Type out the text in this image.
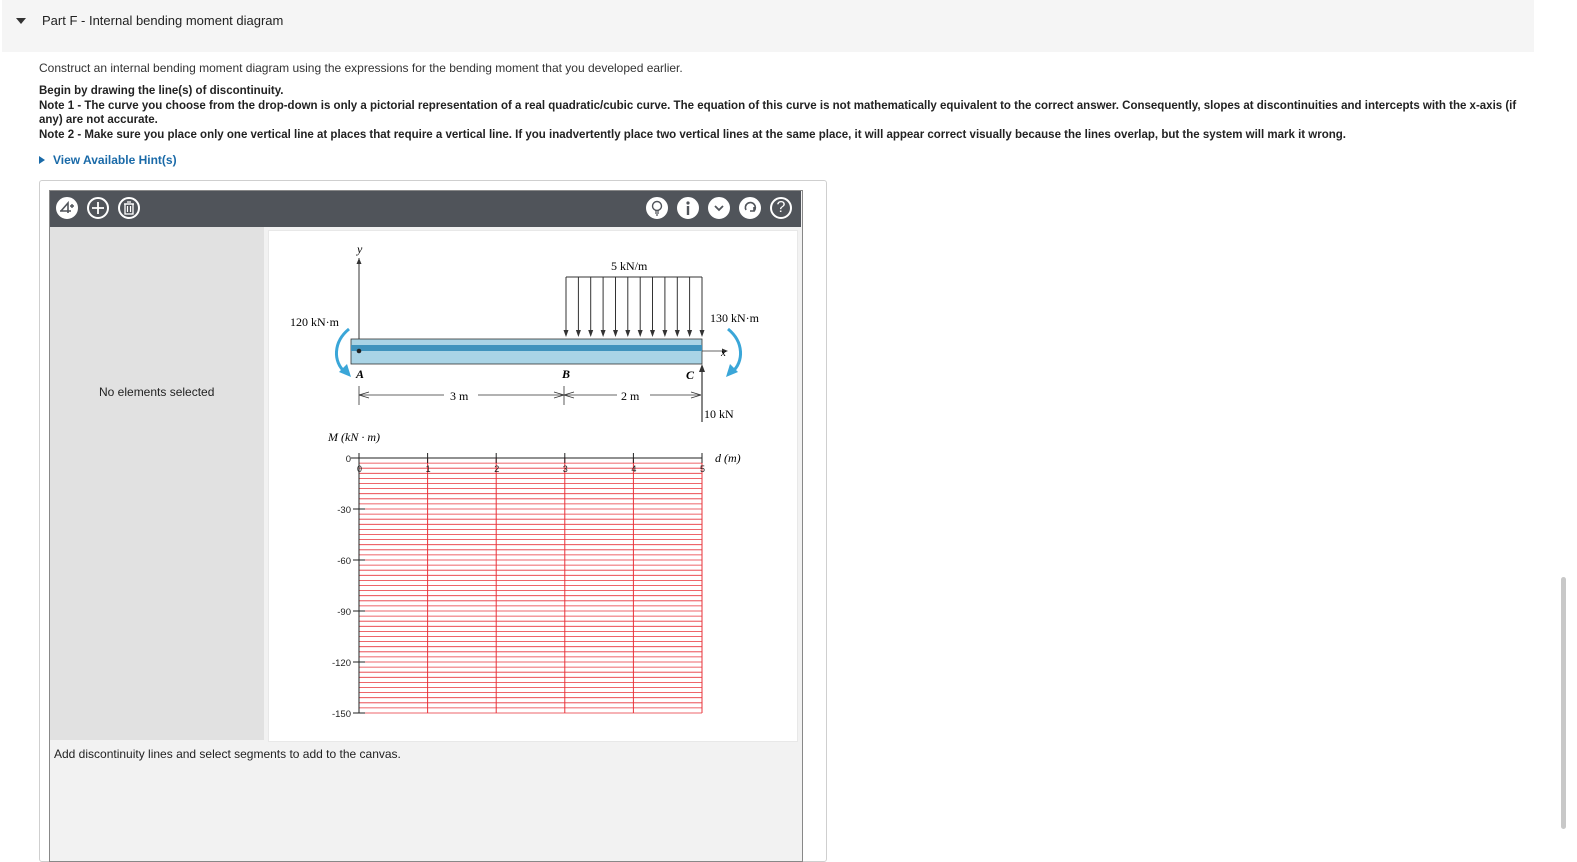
Part F - Internal bending moment diagram
Construct an internal bending moment diagram using the expressions for the bending moment that you developed earlier.
Begin by drawing the line(s) of discontinuity.
Note 1 - The curve you choose from the drop-down is only a pictorial representation of a real quadratic/cubic curve. The equation of this curve is not mathematically equivalent to the correct answer. Consequently, slopes at discontinuities and intercepts with the x-axis (if any) are not accurate.
Note 2 - Make sure you place only one vertical line at places that require a vertical line. If you inadvertently place two vertical lines at the same place, it will appear correct visually because the lines overlap, but the system will mark it wrong.
View Available Hint(s)
?
No elements selected
y
5 kN/m
x
120 kN·m	130 kN·m
A	B	C
10 kN
3 m	2 m
M (kN · m)
d (m)
0	1	2	3	4	5
0
-30
-60
-90
-120
-150
Add discontinuity lines and select segments to add to the canvas.
